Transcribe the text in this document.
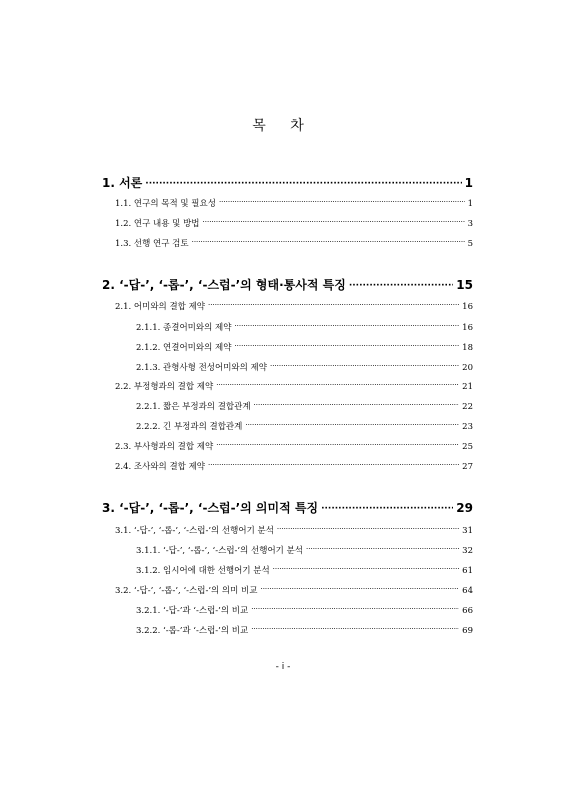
목 차
1. 서론 ·····	1
1.1. 연구의 목적 및 필요성 ·····	1
1.2. 연구 내용 및 방법 ·····	3
1.3. 선행 연구 검토 ·····	5
2. ‘-답-’, ‘-롭-’, ‘-스럽-’의 형태·통사적 특징 ·····	15
2.1. 어미와의 결합 제약 ·····	16
2.1.1. 종결어미와의 제약 ·····	16
2.1.2. 연결어미와의 제약 ·····	18
2.1.3. 관형사형 전성어미와의 제약 ·····	20
2.2. 부정형과의 결합 제약 ·····	21
2.2.1. 짧은 부정과의 결합관계 ·····	22
2.2.2. 긴 부정과의 결합관계 ·····	23
2.3. 부사형과의 결합 제약 ·····	25
2.4. 조사와의 결합 제약 ·····	27
3. ‘-답-’, ‘-롭-’, ‘-스럽-’의 의미적 특징 ·····	29
3.1. ‘-답-’, ‘-롭-’, ‘-스럽-’의 선행어기 분석 ·····	31
3.1.1. ‘-답-’, ‘-롭-’, ‘-스럽-’의 선행어기 분석 ·····	32
3.1.2. 임시어에 대한 선행어기 분석 ·····	61
3.2. ‘-답-’, ‘-롭-’, ‘-스럽-’의 의미 비교 ·····	64
3.2.1. ‘-답-’과 ‘-스럽-’의 비교 ·····	66
3.2.2. ‘-롭-’과 ‘-스럽-’의 비교 ·····	69
- i -
